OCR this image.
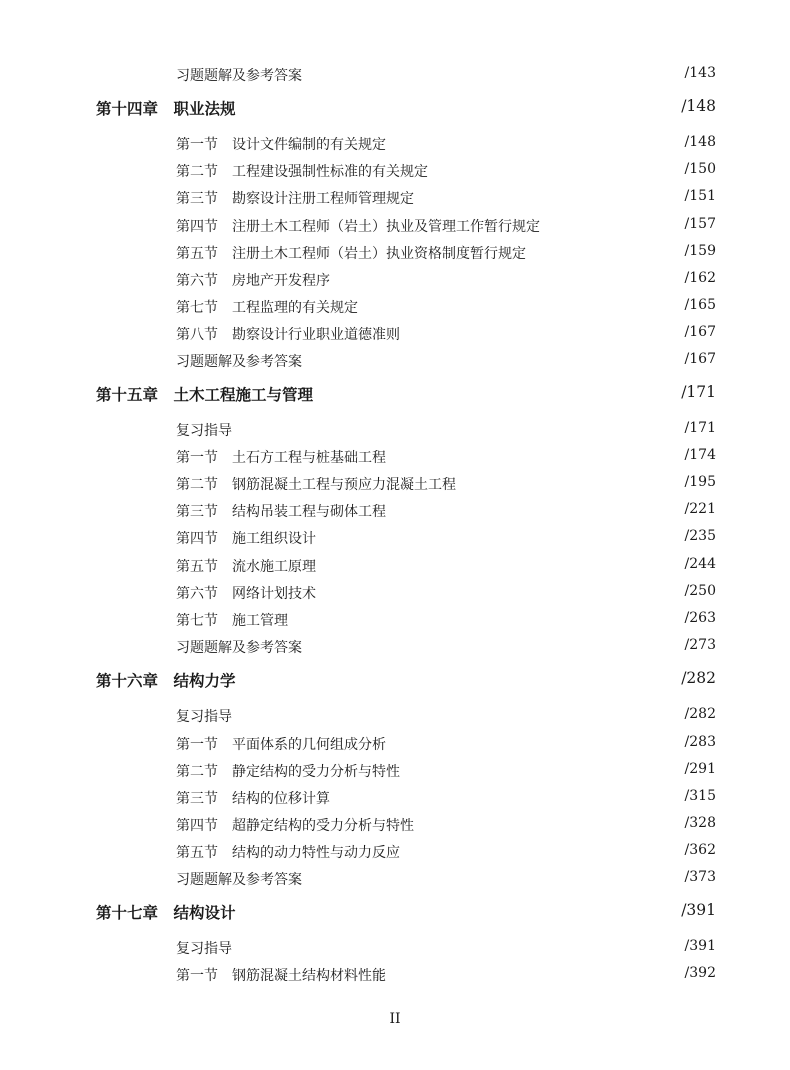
习题题解及参考答案	/143
第十四章　职业法规	/148
第一节　设计文件编制的有关规定	/148
第二节　工程建设强制性标准的有关规定	/150
第三节　勘察设计注册工程师管理规定	/151
第四节　注册土木工程师（岩土）执业及管理工作暂行规定	/157
第五节　注册土木工程师（岩土）执业资格制度暂行规定	/159
第六节　房地产开发程序	/162
第七节　工程监理的有关规定	/165
第八节　勘察设计行业职业道德准则	/167
习题题解及参考答案	/167
第十五章　土木工程施工与管理	/171
复习指导	/171
第一节　土石方工程与桩基础工程	/174
第二节　钢筋混凝土工程与预应力混凝土工程	/195
第三节　结构吊装工程与砌体工程	/221
第四节　施工组织设计	/235
第五节　流水施工原理	/244
第六节　网络计划技术	/250
第七节　施工管理	/263
习题题解及参考答案	/273
第十六章　结构力学	/282
复习指导	/282
第一节　平面体系的几何组成分析	/283
第二节　静定结构的受力分析与特性	/291
第三节　结构的位移计算	/315
第四节　超静定结构的受力分析与特性	/328
第五节　结构的动力特性与动力反应	/362
习题题解及参考答案	/373
第十七章　结构设计	/391
复习指导	/391
第一节　钢筋混凝土结构材料性能	/392
II
